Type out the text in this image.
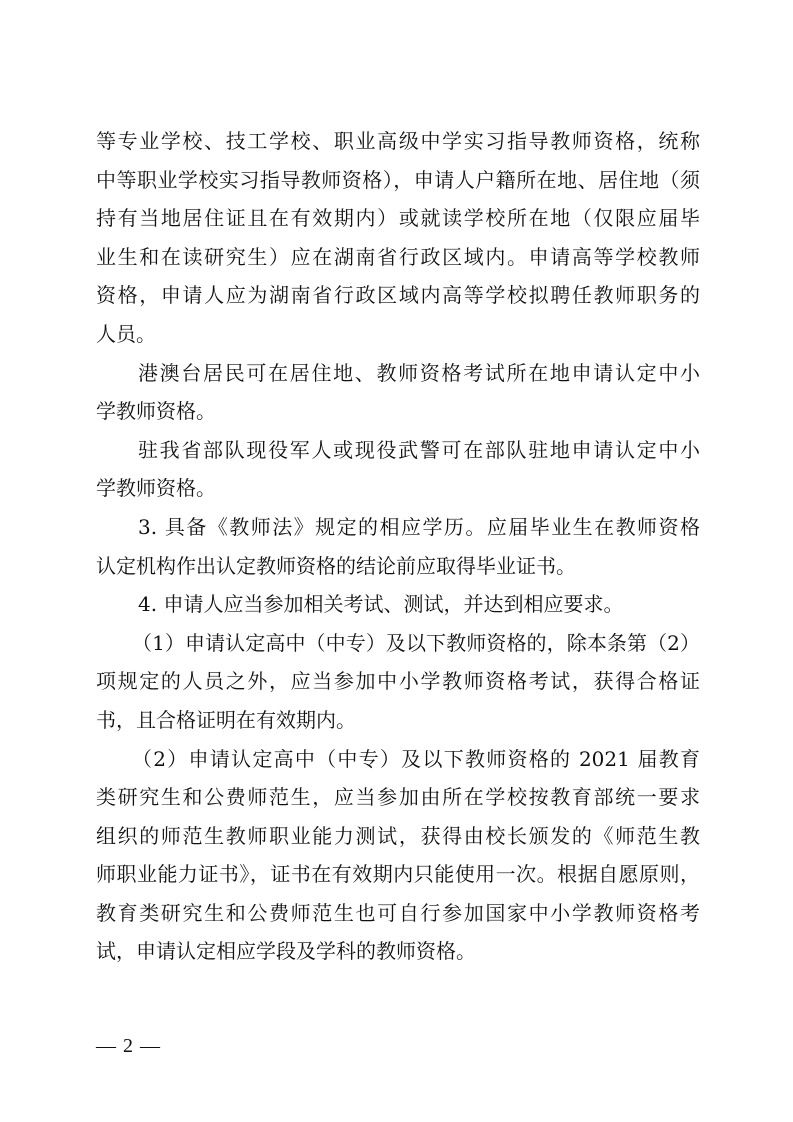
等专业学校、技工学校、职业高级中学实习指导教师资格，统称
中等职业学校实习指导教师资格），申请人户籍所在地、居住地（须
持有当地居住证且在有效期内）或就读学校所在地（仅限应届毕
业生和在读研究生）应在湖南省行政区域内。申请高等学校教师
资格，申请人应为湖南省行政区域内高等学校拟聘任教师职务的
人员。
港澳台居民可在居住地、教师资格考试所在地申请认定中小
学教师资格。
驻我省部队现役军人或现役武警可在部队驻地申请认定中小
学教师资格。
3. 具备《教师法》规定的相应学历。应届毕业生在教师资格
认定机构作出认定教师资格的结论前应取得毕业证书。
4. 申请人应当参加相关考试、测试，并达到相应要求。
（1）申请认定高中（中专）及以下教师资格的，除本条第（2）
项规定的人员之外，应当参加中小学教师资格考试，获得合格证
书，且合格证明在有效期内。
（2）申请认定高中（中专）及以下教师资格的 2021 届教育
类研究生和公费师范生，应当参加由所在学校按教育部统一要求
组织的师范生教师职业能力测试，获得由校长颁发的《师范生教
师职业能力证书》，证书在有效期内只能使用一次。根据自愿原则，
教育类研究生和公费师范生也可自行参加国家中小学教师资格考
试，申请认定相应学段及学科的教师资格。
— 2 —
